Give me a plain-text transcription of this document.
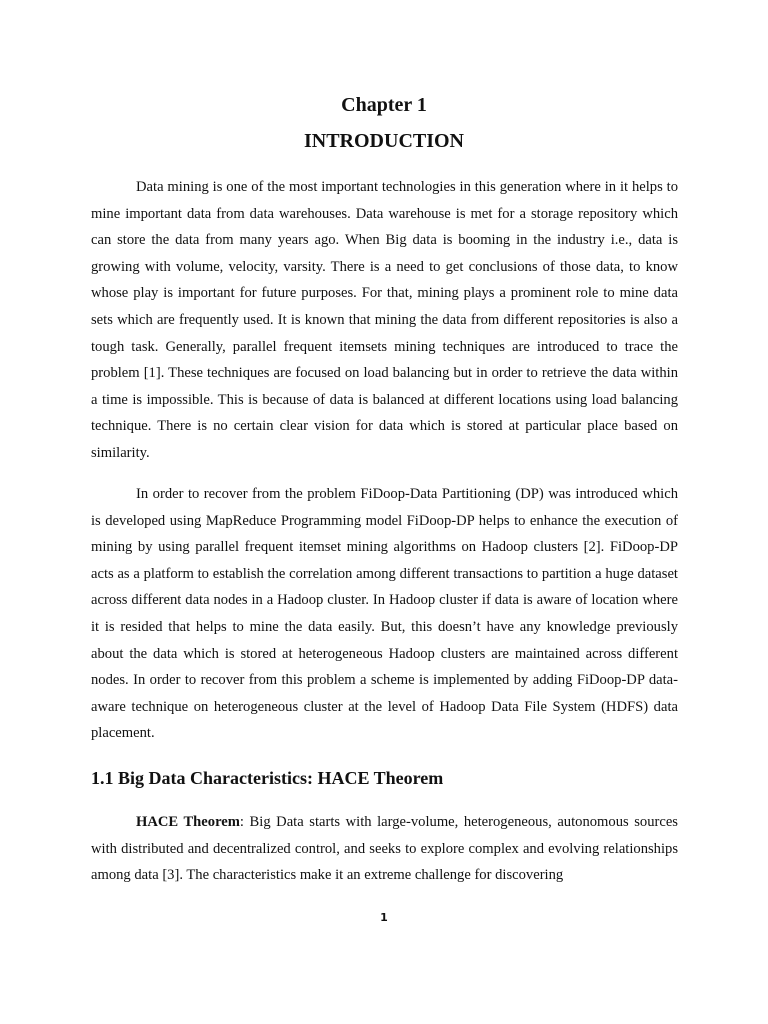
Chapter 1
INTRODUCTION

Data mining is one of the most important technologies in this generation where in it helps to mine important data from data warehouses. Data warehouse is met for a storage repository which can store the data from many years ago. When Big data is booming in the industry i.e., data is growing with volume, velocity, varsity. There is a need to get conclusions of those data, to know whose play is important for future purposes. For that, mining plays a prominent role to mine data sets which are frequently used. It is known that mining the data from different repositories is also a tough task. Generally, parallel frequent itemsets mining techniques are introduced to trace the problem [1]. These techniques are focused on load balancing but in order to retrieve the data within a time is impossible. This is because of data is balanced at different locations using load balancing technique. There is no certain clear vision for data which is stored at particular place based on similarity.

In order to recover from the problem FiDoop-Data Partitioning (DP) was introduced which is developed using MapReduce Programming model FiDoop-DP helps to enhance the execution of mining by using parallel frequent itemset mining algorithms on Hadoop clusters [2]. FiDoop-DP acts as a platform to establish the correlation among different transactions to partition a huge dataset across different data nodes in a Hadoop cluster. In Hadoop cluster if data is aware of location where it is resided that helps to mine the data easily. But, this doesn’t have any knowledge previously about the data which is stored at heterogeneous Hadoop clusters are maintained across different nodes. In order to recover from this problem a scheme is implemented by adding FiDoop-DP data-aware technique on heterogeneous cluster at the level of Hadoop Data File System (HDFS) data placement.

1.1 Big Data Characteristics: HACE Theorem

HACE Theorem: Big Data starts with large-volume, heterogeneous, autonomous sources with distributed and decentralized control, and seeks to explore complex and evolving relationships among data [3]. The characteristics make it an extreme challenge for discovering

1
